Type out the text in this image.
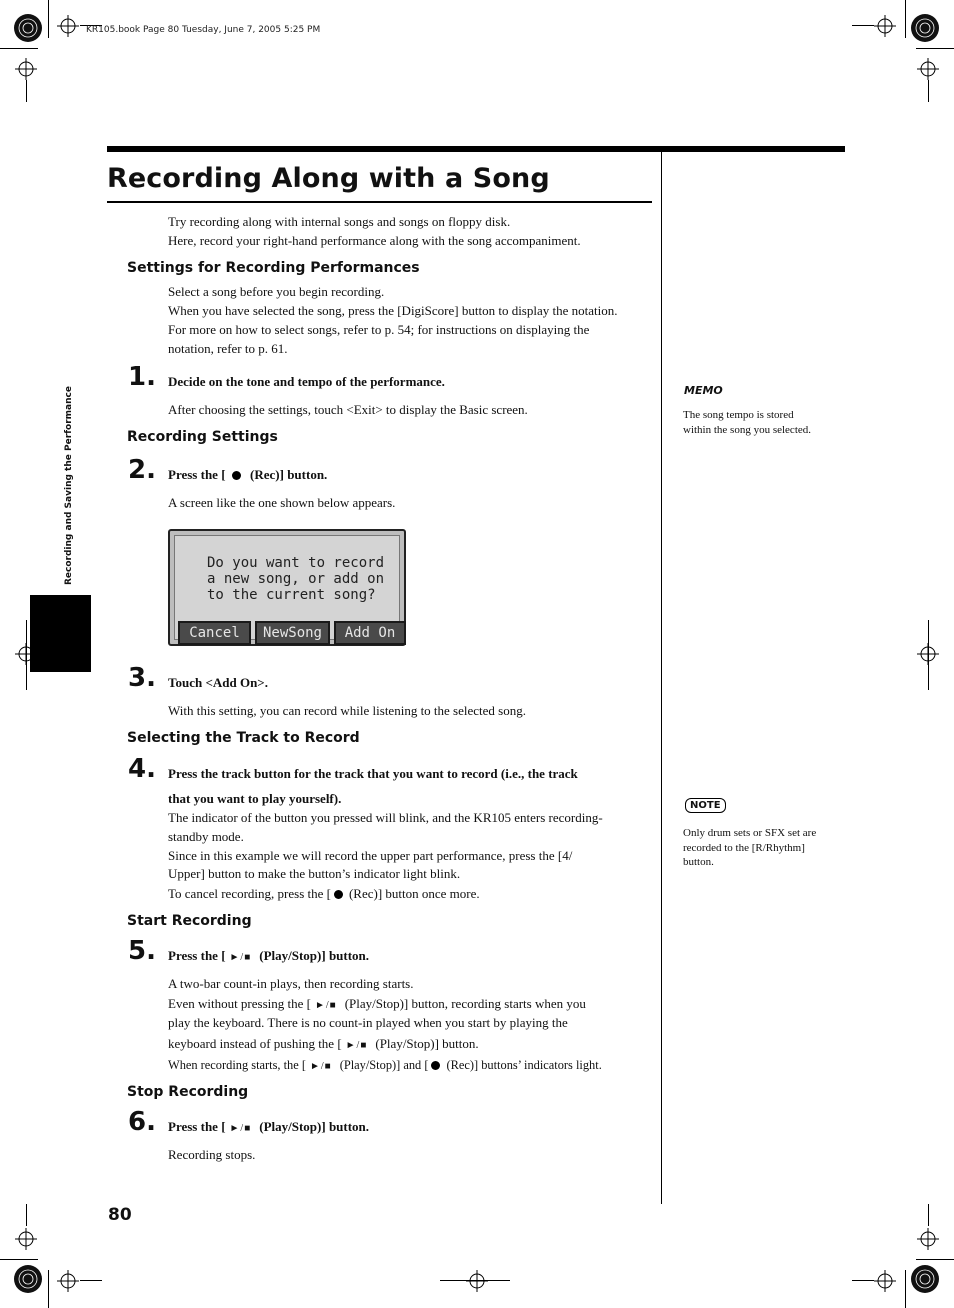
KR105.book Page 80 Tuesday, June 7, 2005 5:25 PM
Recording Along with a Song
Recording and Saving the Performance
80
Try recording along with internal songs and songs on floppy disk.
Here, record your right-hand performance along with the song accompaniment.
Settings for Recording Performances
Select a song before you begin recording.
When you have selected the song, press the [DigiScore] button to display the notation.
For more on how to select songs, refer to p. 54; for instructions on displaying the
notation, refer to p. 61.
1. Decide on the tone and tempo of the performance.
After choosing the settings, touch <Exit> to display the Basic screen.
Recording Settings
2. Press the [ (Rec)] button.
A screen like the one shown below appears.
Do you want to record
a new song, or add on
to the current song?
Cancel	NewSong	Add On
3. Touch <Add On>.
With this setting, you can record while listening to the selected song.
Selecting the Track to Record
4. Press the track button for the track that you want to record (i.e., the track
that you want to play yourself).
The indicator of the button you pressed will blink, and the KR105 enters recording-
standby mode.
Since in this example we will record the upper part performance, press the [4/
Upper] button to make the button’s indicator light blink.
To cancel recording, press the [ (Rec)] button once more.
Start Recording
5. Press the [ ►/■ (Play/Stop)] button.
A two-bar count-in plays, then recording starts.
Even without pressing the [ ►/■ (Play/Stop)] button, recording starts when you
play the keyboard. There is no count-in played when you start by playing the
keyboard instead of pushing the [ ►/■ (Play/Stop)] button.
When recording starts, the [ ►/■ (Play/Stop)] and [ (Rec)] buttons’ indicators light.
Stop Recording
6. Press the [ ►/■ (Play/Stop)] button.
Recording stops.
MEMO
The song tempo is stored
within the song you selected.
NOTE
Only drum sets or SFX set are
recorded to the [R/Rhythm]
button.
